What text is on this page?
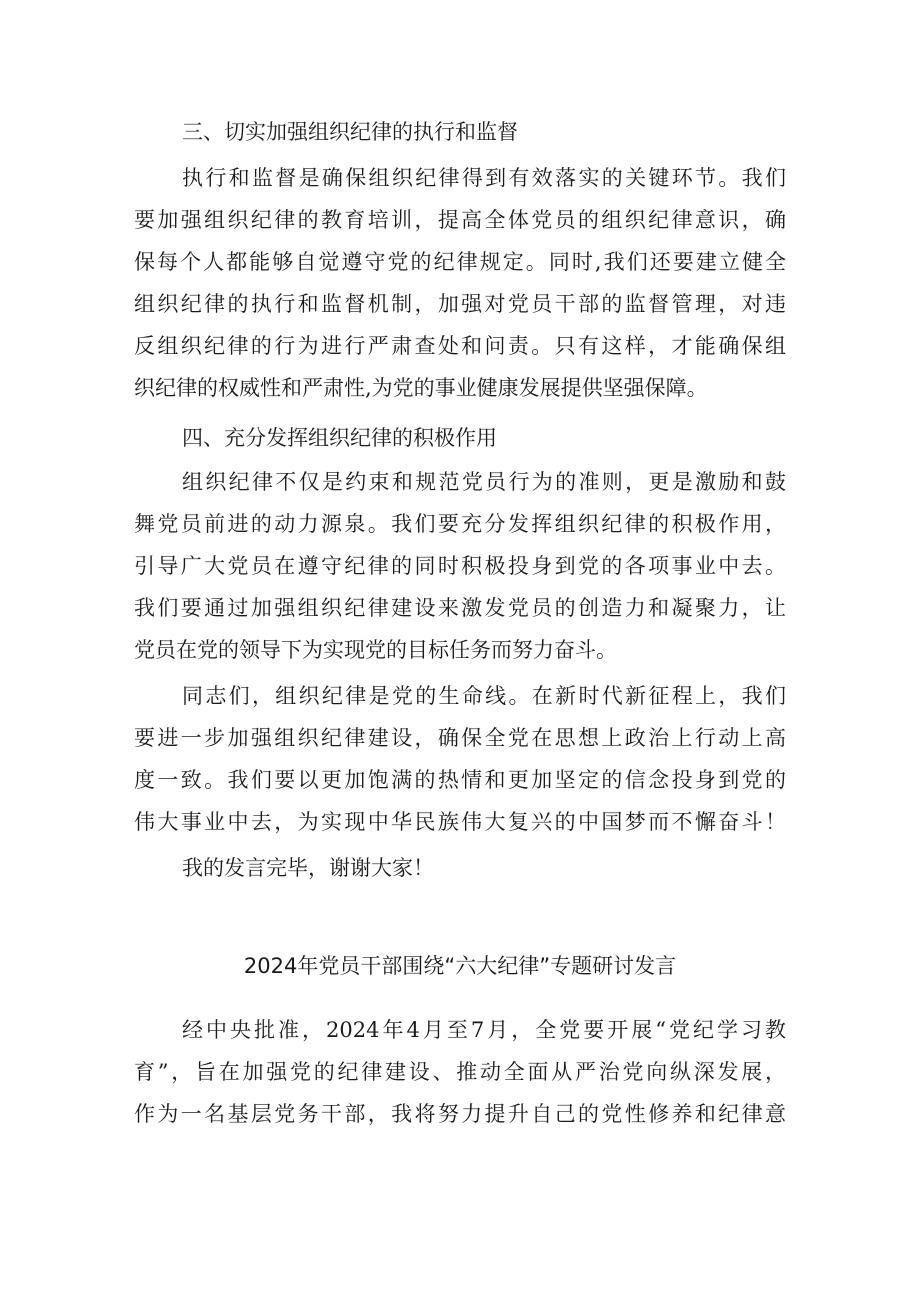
三、切实加强组织纪律的执行和监督
执行和监督是确保组织纪律得到有效落实的关键环节。我们
要加强组织纪律的教育培训，提高全体党员的组织纪律意识，确
保每个人都能够自觉遵守党的纪律规定。同时,我们还要建立健全
组织纪律的执行和监督机制，加强对党员干部的监督管理，对违
反组织纪律的行为进行严肃查处和问责。只有这样，才能确保组
织纪律的权威性和严肃性,为党的事业健康发展提供坚强保障。
四、充分发挥组织纪律的积极作用
组织纪律不仅是约束和规范党员行为的准则，更是激励和鼓
舞党员前进的动力源泉。我们要充分发挥组织纪律的积极作用，
引导广大党员在遵守纪律的同时积极投身到党的各项事业中去。
我们要通过加强组织纪律建设来激发党员的创造力和凝聚力，让
党员在党的领导下为实现党的目标任务而努力奋斗。
同志们，组织纪律是党的生命线。在新时代新征程上，我们
要进一步加强组织纪律建设，确保全党在思想上政治上行动上高
度一致。我们要以更加饱满的热情和更加坚定的信念投身到党的
伟大事业中去，为实现中华民族伟大复兴的中国梦而不懈奋斗！
我的发言完毕，谢谢大家！
2024年党员干部围绕“六大纪律”专题研讨发言
经中央批准，2024年4月至7月，全党要开展“党纪学习教
育”，旨在加强党的纪律建设、推动全面从严治党向纵深发展，
作为一名基层党务干部，我将努力提升自己的党性修养和纪律意
